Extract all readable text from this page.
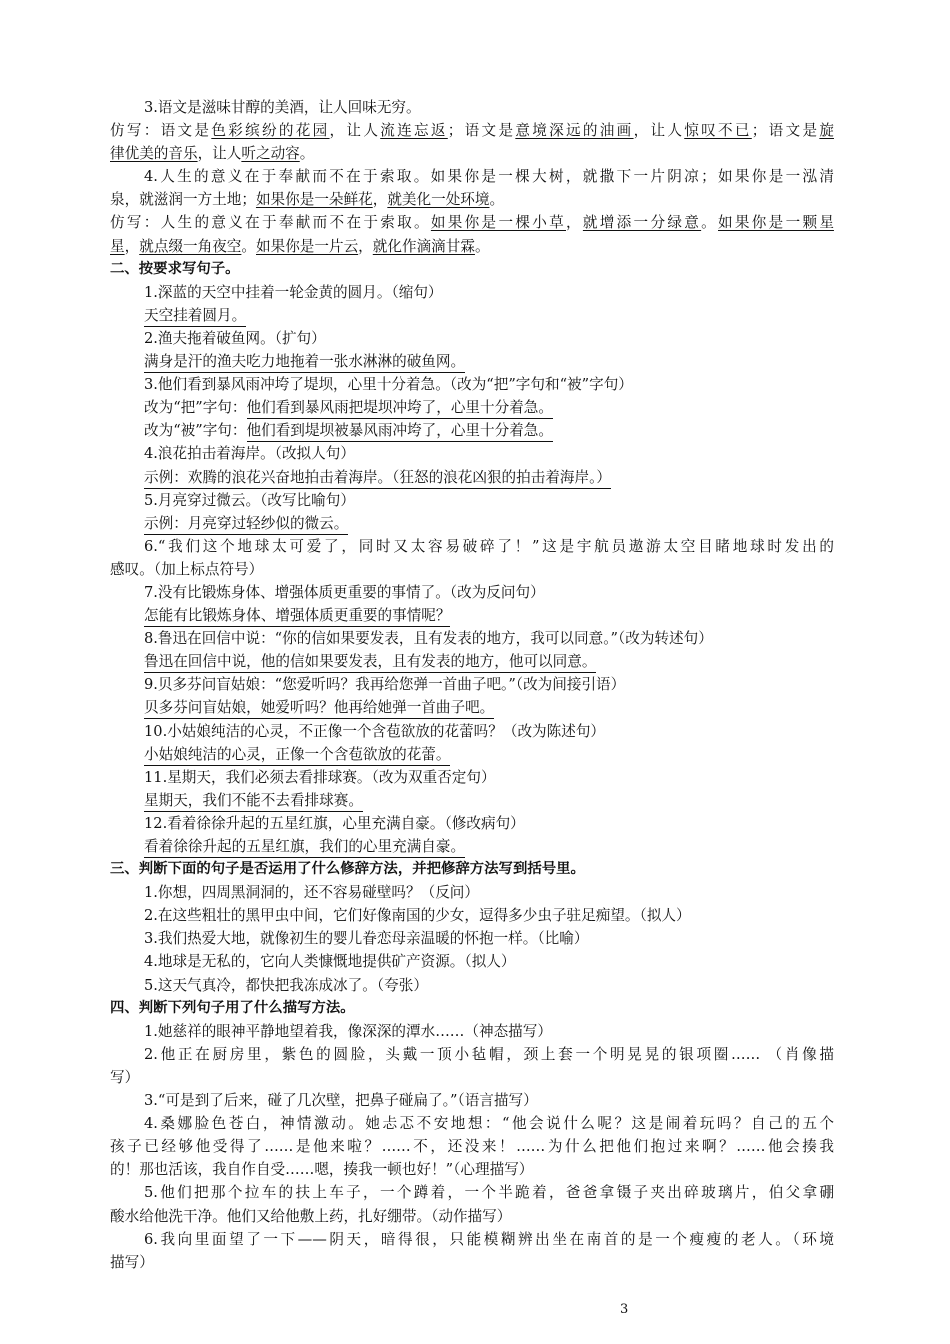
3.语文是滋味甘醇的美酒，让人回味无穷。
仿写：语文是色彩缤纷的花园，让人流连忘返；语文是意境深远的油画，让人惊叹不已；语文是旋
律优美的音乐，让人听之动容。
4.人生的意义在于奉献而不在于索取。如果你是一棵大树，就撒下一片阴凉；如果你是一泓清
泉，就滋润一方土地；如果你是一朵鲜花，就美化一处环境。
仿写：人生的意义在于奉献而不在于索取。如果你是一棵小草，就增添一分绿意。如果你是一颗星
星，就点缀一角夜空。如果你是一片云，就化作滴滴甘霖。
二、按要求写句子。
1.深蓝的天空中挂着一轮金黄的圆月。（缩句）
天空挂着圆月。
2.渔夫拖着破鱼网。（扩句）
满身是汗的渔夫吃力地拖着一张水淋淋的破鱼网。
3.他们看到暴风雨冲垮了堤坝，心里十分着急。（改为“把”字句和“被”字句）
改为“把”字句：他们看到暴风雨把堤坝冲垮了，心里十分着急。
改为“被”字句：他们看到堤坝被暴风雨冲垮了，心里十分着急。
4.浪花拍击着海岸。（改拟人句）
示例：欢腾的浪花兴奋地拍击着海岸。（狂怒的浪花凶狠的拍击着海岸。）
5.月亮穿过微云。（改写比喻句）
示例：月亮穿过轻纱似的微云。
6.“我们这个地球太可爱了，同时又太容易破碎了！”这是宇航员遨游太空目睹地球时发出的
感叹。（加上标点符号）
7.没有比锻炼身体、增强体质更重要的事情了。（改为反问句）
怎能有比锻炼身体、增强体质更重要的事情呢？
8.鲁迅在回信中说：“你的信如果要发表，且有发表的地方，我可以同意。”（改为转述句）
鲁迅在回信中说，他的信如果要发表，且有发表的地方，他可以同意。
9.贝多芬问盲姑娘：“您爱听吗？我再给您弹一首曲子吧。”（改为间接引语）
贝多芬问盲姑娘，她爱听吗？他再给她弹一首曲子吧。
10.小姑娘纯洁的心灵，不正像一个含苞欲放的花蕾吗？（改为陈述句）
小姑娘纯洁的心灵，正像一个含苞欲放的花蕾。
11.星期天，我们必须去看排球赛。（改为双重否定句）
星期天，我们不能不去看排球赛。
12.看着徐徐升起的五星红旗，心里充满自豪。（修改病句）
看着徐徐升起的五星红旗，我们的心里充满自豪。
三、判断下面的句子是否运用了什么修辞方法，并把修辞方法写到括号里。
1.你想，四周黑洞洞的，还不容易碰壁吗？（反问）
2.在这些粗壮的黑甲虫中间，它们好像南国的少女，逗得多少虫子驻足痴望。（拟人）
3.我们热爱大地，就像初生的婴儿眷恋母亲温暖的怀抱一样。（比喻）
4.地球是无私的，它向人类慷慨地提供矿产资源。（拟人）
5.这天气真冷，都快把我冻成冰了。（夸张）
四、判断下列句子用了什么描写方法。
1.她慈祥的眼神平静地望着我，像深深的潭水……（神态描写）
2.他正在厨房里，紫色的圆脸，头戴一顶小毡帽，颈上套一个明晃晃的银项圈…… （肖像描
写）
3.“可是到了后来，碰了几次壁，把鼻子碰扁了。”（语言描写）
4.桑娜脸色苍白，神情激动。她忐忑不安地想：“他会说什么呢？这是闹着玩吗？自己的五个
孩子已经够他受得了……是他来啦？……不，还没来！……为什么把他们抱过来啊？……他会揍我
的！那也活该，我自作自受……嗯，揍我一顿也好！”（心理描写）
5.他们把那个拉车的扶上车子，一个蹲着，一个半跪着，爸爸拿镊子夹出碎玻璃片，伯父拿硼
酸水给他洗干净。他们又给他敷上药，扎好绷带。（动作描写）
6.我向里面望了一下——阴天，暗得很，只能模糊辨出坐在南首的是一个瘦瘦的老人。（环境
描写）
3
